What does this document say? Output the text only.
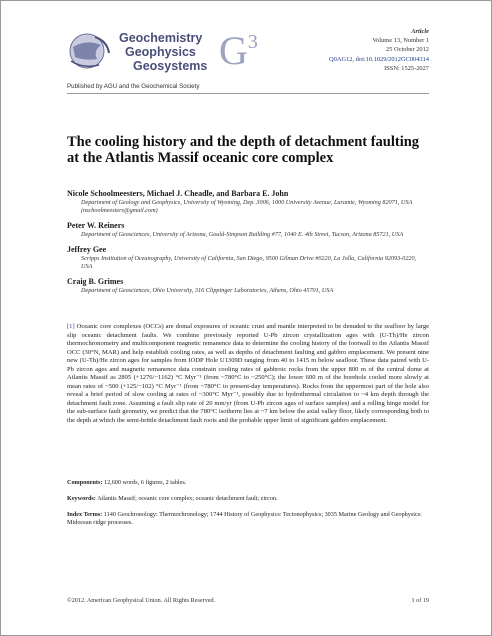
Geochemistry
Geophysics
Geosystems $G^3$	Article
Volume 13, Number 1
25 October 2012
Q0AG12, doi:10.1029/2012GC004314
ISSN: 1525-2027
Published by AGU and the Geochemical Society
The cooling history and the depth of detachment faulting at the Atlantis Massif oceanic core complex
Nicole Schoolmeesters, Michael J. Cheadle, and Barbara E. John
Department of Geology and Geophysics, University of Wyoming, Dep. 3006, 1000 University Avenue, Laramie, Wyoming 82071, USA (nschoolmeesters@gmail.com)
Peter W. Reiners
Department of Geosciences, University of Arizona, Gould-Simpson Building #77, 1040 E. 4th Street, Tucson, Arizona 85721, USA
Jeffrey Gee
Scripps Institution of Oceanography, University of California, San Diego, 9500 Gilman Drive #0220, La Jolla, California 92093-0220, USA
Craig B. Grimes
Department of Geosciences, Ohio University, 316 Clippinger Laboratories, Athens, Ohio 45701, USA
[1] Oceanic core complexes (OCCs) are domal exposures of oceanic crust and mantle interpreted to be denuded to the seafloor by large slip oceanic detachment faults. We combine previously reported U-Pb zircon crystallization ages with (U-Th)/He zircon thermochronometry and multicomponent magnetic remanence data to determine the cooling history of the footwall to the Atlantis Massif OCC (30°N, MAR) and help establish cooling rates, as well as depths of detachment faulting and gabbro emplacement. We present nine new (U-Th)/He zircon ages for samples from IODP Hole U1309D ranging from 40 to 1415 m below seafloor. These data paired with U-Pb zircon ages and magnetic remanence data constrain cooling rates of gabbroic rocks from the upper 800 m of the central dome at Atlantis Massif as 2895 (+1276/−1162) °C Myr⁻¹ (from ~780°C to ~250°C); the lower 600 m of the borehole cooled more slowly at mean rates of ~500 (+125/−102) °C Myr⁻¹ (from ~780°C to present-day temperatures). Rocks from the uppermost part of the hole also reveal a brief period of slow cooling at rates of ~300°C Myr⁻¹, possibly due to hydrothermal circulation to ~4 km depth through the detachment fault zone. Assuming a fault slip rate of 20 mm/yr (from U-Pb zircon ages of surface samples) and a rolling hinge model for the sub-surface fault geometry, we predict that the 780°C isotherm lies at ~7 km below the axial valley floor, likely corresponding both to the depth at which the semi-brittle detachment fault roots and the probable upper limit of significant gabbro emplacement.
Components: 12,600 words, 6 figures, 2 tables.
Keywords: Atlantis Massif; oceanic core complex; oceanic detachment fault; zircon.
Index Terms: 1140 Geochronology: Thermochronology; 1744 History of Geophysics: Tectonophysics; 3035 Marine Geology and Geophysics: Midocean ridge processes.
©2012. American Geophysical Union. All Rights Reserved.	1 of 19
